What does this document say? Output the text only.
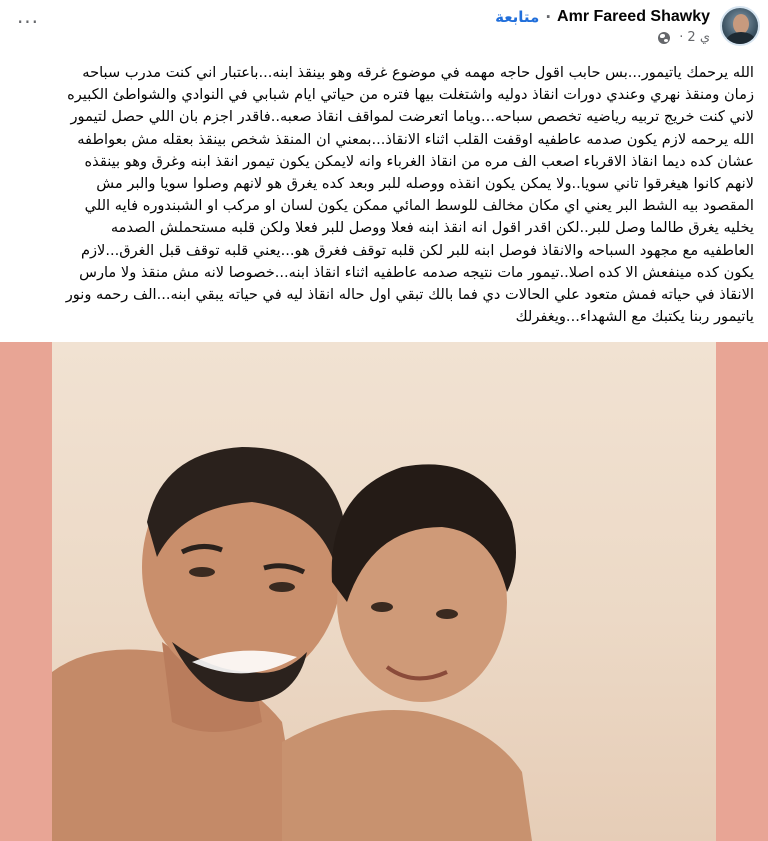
···	متابعة · Amr Fareed Shawky
· 2 ي
الله يرحمك ياتيمور...بس حابب اقول حاجه مهمه في موضوع غرقه وهو بينقذ ابنه...باعتبار اني كنت مدرب سباحه
زمان ومنقذ نهري وعندي دورات انقاذ دوليه واشتغلت بيها فتره من حياتي ايام شبابي في النوادي والشواطئ الكبيره
لاني كنت خريج تربيه رياضيه تخصص سباحه...وياما اتعرضت لمواقف انقاذ صعبه..فاقدر اجزم بان اللي حصل لتيمور
الله يرحمه لازم يكون صدمه عاطفيه اوقفت القلب اثناء الانقاذ...بمعني ان المنقذ شخص بينقذ بعقله مش بعواطفه
عشان كده ديما انقاذ الاقرباء اصعب الف مره من انقاذ الغرباء وانه لايمكن يكون تيمور انقذ ابنه وغرق وهو بينقذه
لانهم كانوا هيغرقوا تاني سويا..ولا يمكن يكون انقذه ووصله للبر وبعد كده يغرق هو لانهم وصلوا سويا والبر مش
المقصود بيه الشط البر يعني اي مكان مخالف للوسط المائي ممكن يكون لسان او مركب او الشبندوره فايه اللي
يخليه يغرق طالما وصل للبر..لكن اقدر اقول انه انقذ ابنه فعلا ووصل للبر فعلا ولكن قلبه مستحملش الصدمه
العاطفيه مع مجهود السباحه والانقاذ فوصل ابنه للبر لكن قلبه توقف فغرق هو...يعني قلبه توقف قبل الغرق...لازم
يكون كده مينفعش الا كده اصلا..تيمور مات نتيجه صدمه عاطفيه اثناء انقاذ ابنه...خصوصا لانه مش منقذ ولا مارس
الانقاذ في حياته فمش متعود علي الحالات دي فما بالك تبقي اول حاله انقاذ ليه في حياته يبقي ابنه...الف رحمه ونور
ياتيمور ربنا يكتبك مع الشهداء...ويغفرلك
